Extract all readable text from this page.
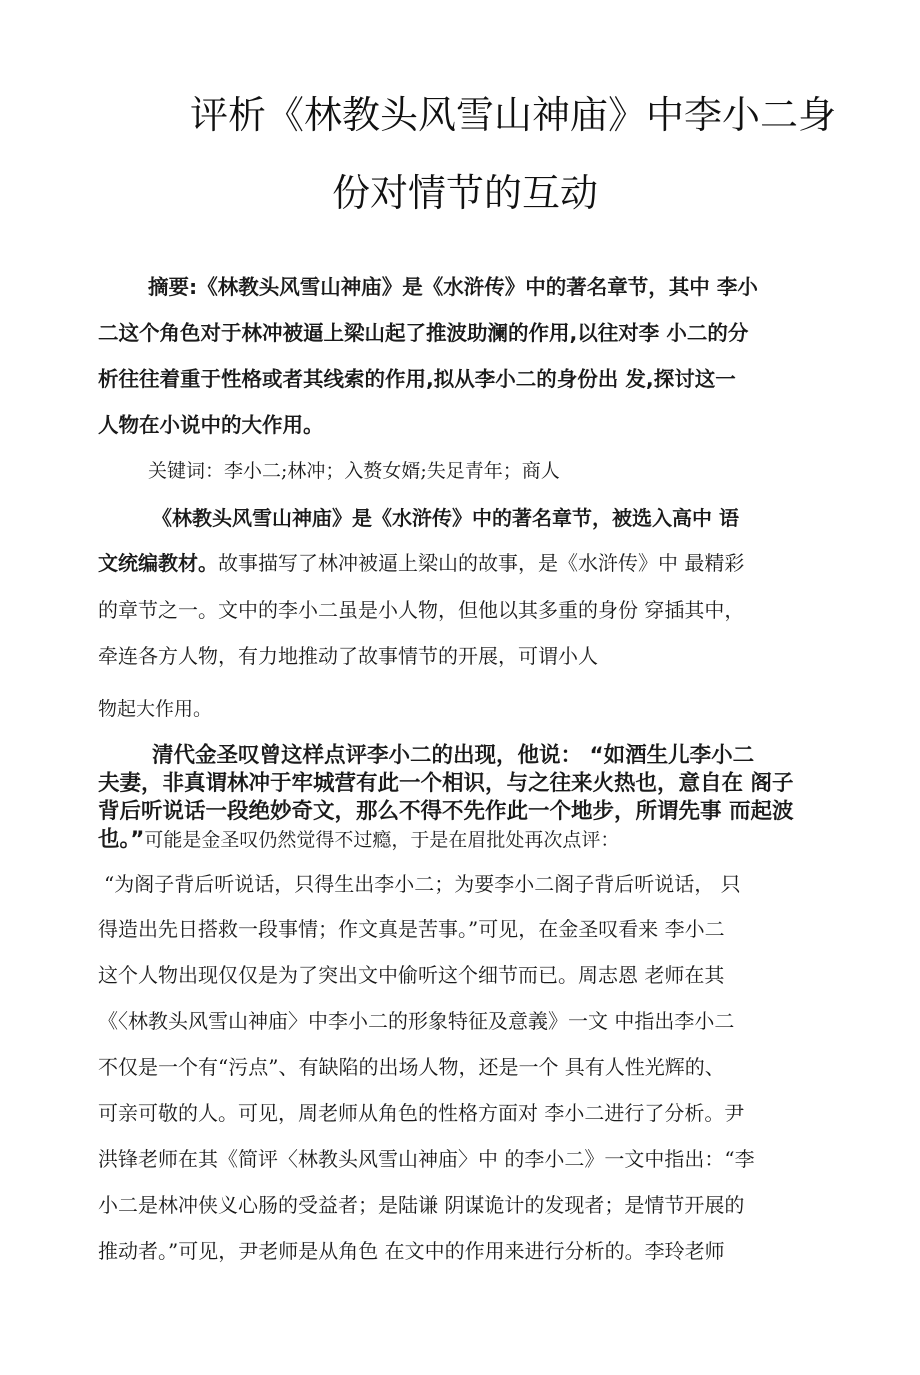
评析《林教头风雪山神庙》中李小二身
份对情节的互动
摘要:《林教头风雪山神庙》是《水浒传》中的著名章节，其中 李小
二这个角色对于林冲被逼上梁山起了推波助澜的作用,以往对李 小二的分
析往往着重于性格或者其线索的作用,拟从李小二的身份出 发,探讨这一
人物在小说中的大作用。
关键词：李小二;林冲；入赘女婿;失足青年；商人
《林教头风雪山神庙》是《水浒传》中的著名章节，被选入高中 语
文统编教材。故事描写了林冲被逼上梁山的故事，是《水浒传》中 最精彩
的章节之一。文中的李小二虽是小人物，但他以其多重的身份 穿插其中，
牵连各方人物，有力地推动了故事情节的开展，可谓小人
物起大作用。
清代金圣叹曾这样点评李小二的出现，他说： “如酒生儿李小二
夫妻，非真谓林冲于牢城营有此一个相识，与之往来火热也，意自在 阁子
背后听说话一段绝妙奇文，那么不得不先作此一个地步，所谓先事 而起波
也。”可能是金圣叹仍然觉得不过瘾，于是在眉批处再次点评：
“为阁子背后听说话，只得生出李小二；为要李小二阁子背后听说话， 只
得造出先日搭救一段事情；作文真是苦事。”可见，在金圣叹看来 李小二
这个人物出现仅仅是为了突出文中偷听这个细节而已。周志恩 老师在其
《〈林教头风雪山神庙〉中李小二的形象特征及意義》一文 中指出李小二
不仅是一个有“污点”、有缺陷的出场人物，还是一个 具有人性光辉的、
可亲可敬的人。可见，周老师从角色的性格方面对 李小二进行了分析。尹
洪锋老师在其《简评〈林教头风雪山神庙〉中 的李小二》一文中指出：“李
小二是林冲侠义心肠的受益者；是陆谦 阴谋诡计的发现者；是情节开展的
推动者。”可见，尹老师是从角色 在文中的作用来进行分析的。李玲老师
